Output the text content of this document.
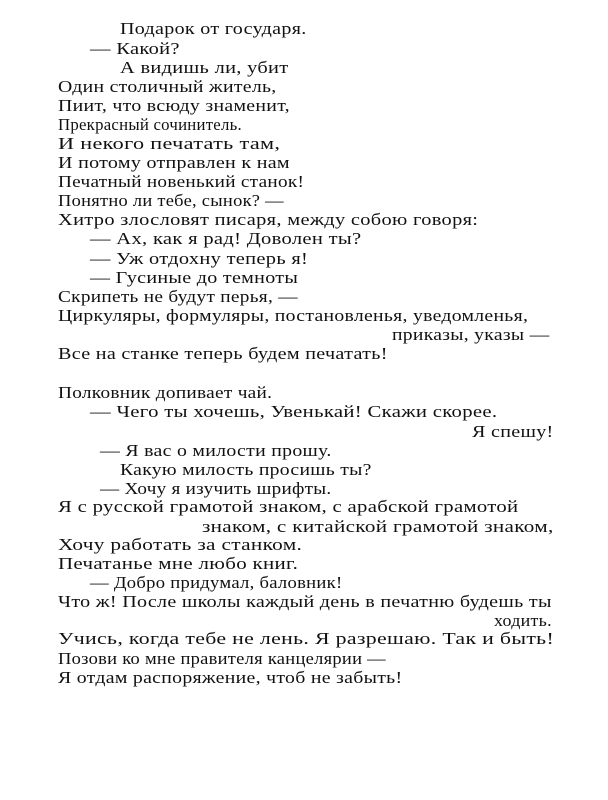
Подарок от государя.
— Какой?
А видишь ли, убит
Один столичный житель,
Пиит, что всюду знаменит,
Прекрасный сочинитель.
И некого печатать там,
И потому отправлен к нам
Печатный новенький станок!
Понятно ли тебе, сынок? —
Хитро злословят писаря, между собою говоря:
— Ах, как я рад! Доволен ты?
— Уж отдохну теперь я!
— Гусиные до темноты
Скрипеть не будут перья, —
Циркуляры, формуляры, постановленья, уведомленья,
приказы, указы —
Все на станке теперь будем печатать!
Полковник допивает чай.
— Чего ты хочешь, Увенькай! Скажи скорее.
Я спешу!
— Я вас о милости прошу.
Какую милость просишь ты?
— Хочу я изучить шрифты.
Я с русской грамотой знаком, с арабской грамотой
знаком, с китайской грамотой знаком,
Хочу работать за станком.
Печатанье мне любо книг.
— Добро придумал, баловник!
Что ж! После школы каждый день в печатню будешь ты
ходить.
Учись, когда тебе не лень. Я разрешаю. Так и быть!
Позови ко мне правителя канцелярии —
Я отдам распоряжение, чтоб не забыть!
